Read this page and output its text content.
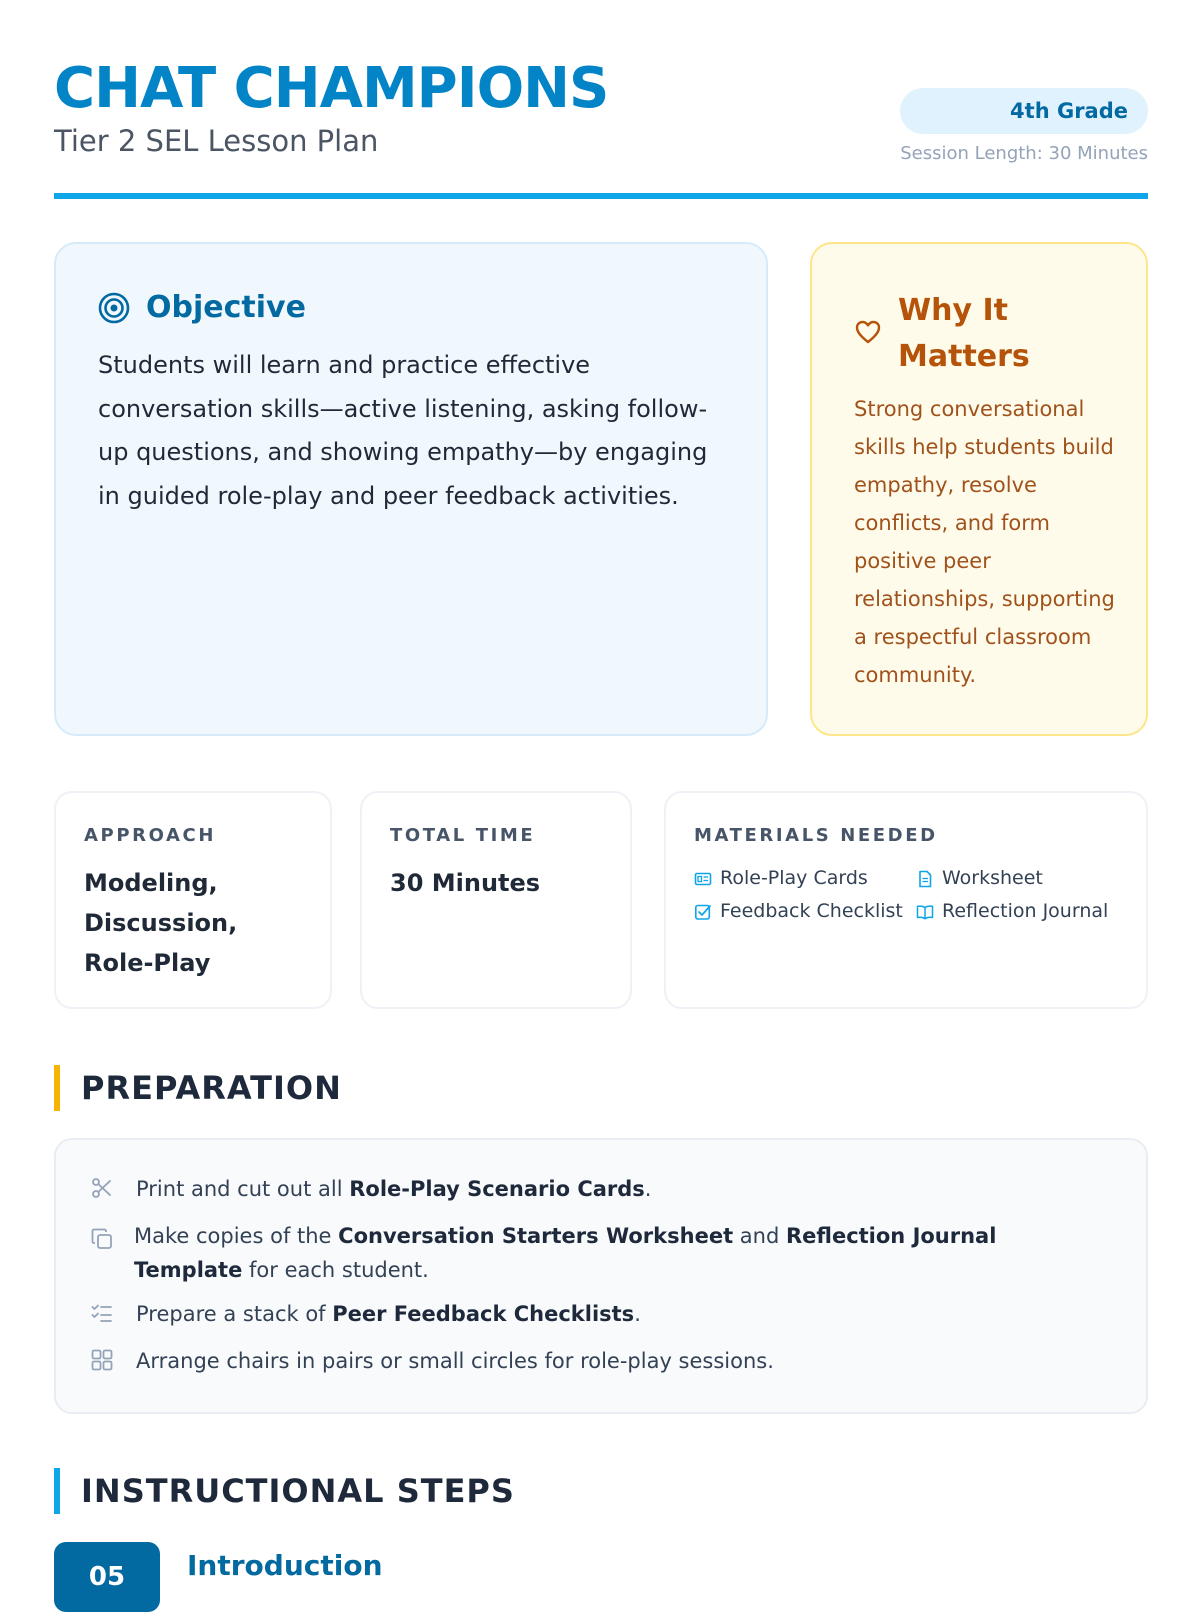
CHAT CHAMPIONS
Tier 2 SEL Lesson Plan
4th Grade
Session Length: 30 Minutes
Objective

Students will learn and practice effective conversation skills—active listening, asking follow-up questions, and showing empathy—by engaging in guided role-play and peer feedback activities.

Why It Matters

Strong conversational skills help students build empathy, resolve conflicts, and form positive peer relationships, supporting a respectful classroom community.

APPROACH

Modeling, Discussion, Role-Play

TOTAL TIME

30 Minutes

MATERIALS NEEDED
Role-Play Cards	Worksheet
Feedback Checklist Reflection Journal
PREPARATION

Print and cut out all Role-Play Scenario Cards.

Make copies of the Conversation Starters Worksheet and Reflection Journal Template for each student.

Prepare a stack of Peer Feedback Checklists.

Arrange chairs in pairs or small circles for role-play sessions.

INSTRUCTIONAL STEPS
05	Introduction
